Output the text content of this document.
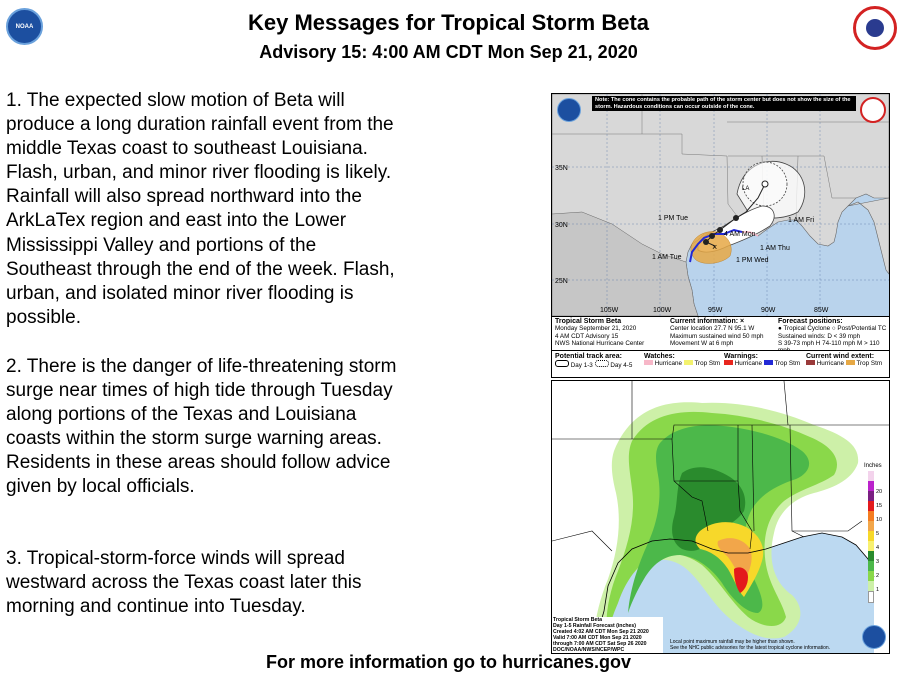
NOAA	Key Messages for Tropical Storm Beta
Advisory 15: 4:00 AM CDT Mon Sep 21, 2020
1. The expected slow motion of Beta will produce a long duration rainfall event from the middle Texas coast to southeast Louisiana. Flash, urban, and minor river flooding is likely. Rainfall will also spread northward into the ArkLaTex region and east into the Lower Mississippi Valley and portions of the Southeast through the end of the week. Flash, urban, and isolated minor river flooding is possible.
2. There is the danger of life-threatening storm surge near times of high tide through Tuesday along portions of the Texas and Louisiana coasts within the storm surge warning areas. Residents in these areas should follow advice given by local officials.
3. Tropical-storm-force winds will spread westward across the Texas coast later this morning and continue into Tuesday.
×
35N
30N
25N
105W	100W	95W	90W	85W
LA
1 PM Tue
1 AM Tue
4 AM Mon
1 AM Thu
1 PM Wed
1 AM Fri
Note: The cone contains the probable path of the storm center but does not show the size of the storm. Hazardous conditions can occur outside of the cone.
Tropical Storm Beta
Monday September 21, 2020
4 AM CDT Advisory 15
NWS National Hurricane Center
Current information: ×
Center location 27.7 N 95.1 W
Maximum sustained wind 50 mph
Movement W at 6 mph
Forecast positions:
● Tropical Cyclone ○ Post/Potential TC
Sustained winds: D < 39 mph
S 39-73 mph H 74-110 mph M > 110
Potential track area:
Day 1-3	Day 4-5
Watches:
Hurricane Trop Stm
Warnings:
Hurricane Trop Stm
Current wind extent:
Hurricane Trop Stm
Inches
20
15
10
5
4
3
2
1
Tropical Storm Beta
Day 1-5 Rainfall Forecast (inches)
Created 4:02 AM CDT Mon Sep 21 2020
Valid 7:00 AM CDT Mon Sep 21 2020
through 7:00 AM CDT Sat Sep 26 2020
DOC/NOAA/NWS/NCEP/WPC
Local point maximum rainfall may be higher than shown.
See the NHC public advisories for the latest tropical cyclone information.
For more information go to hurricanes.gov
